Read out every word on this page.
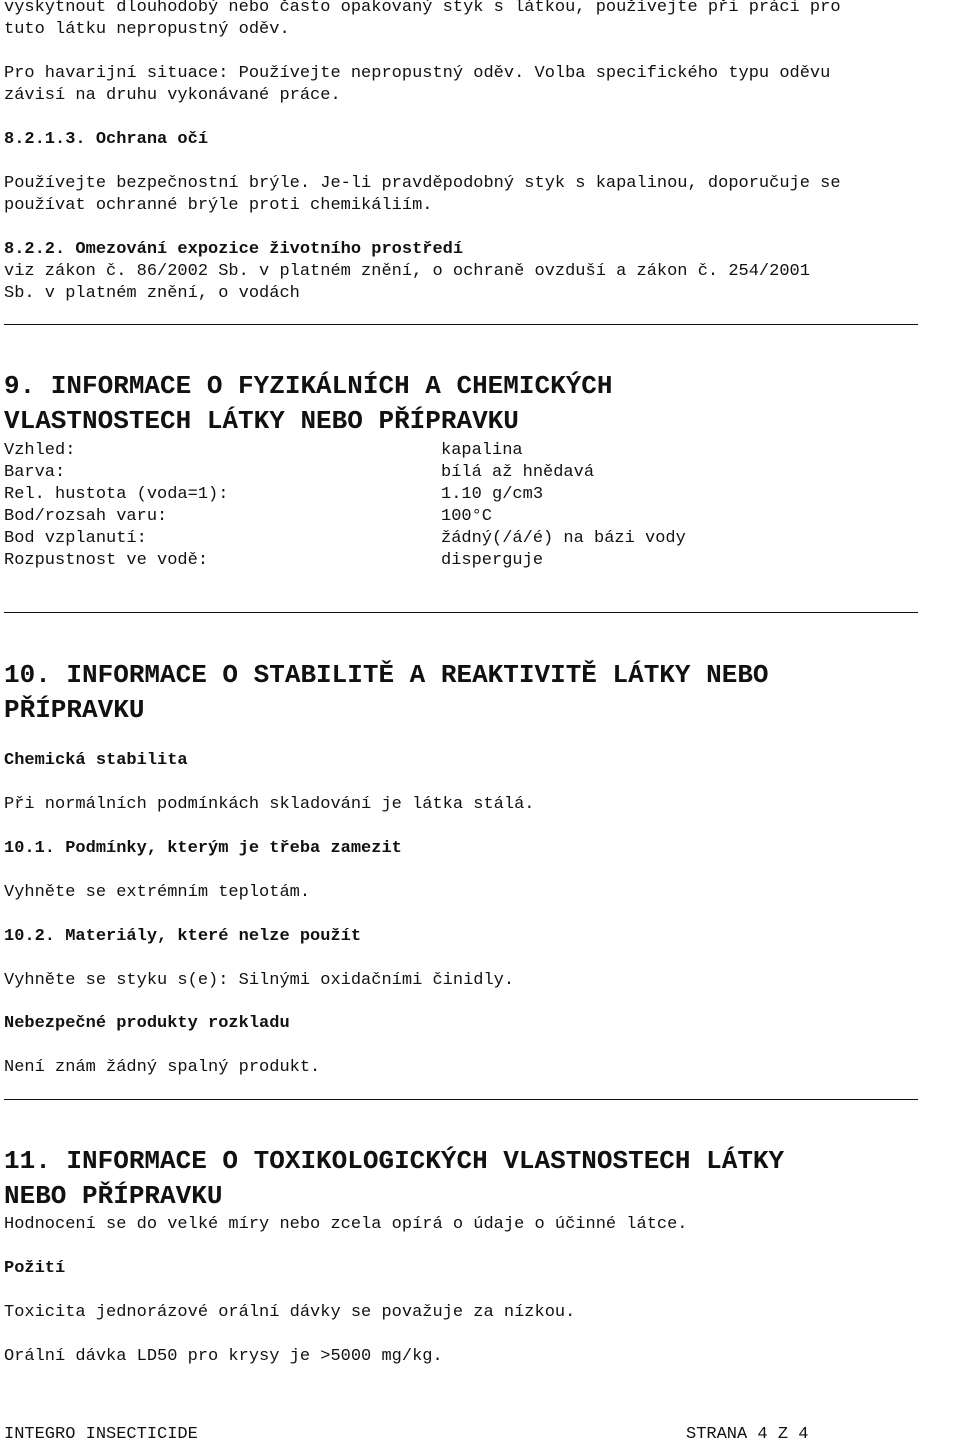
vyskytnout dlouhodobý nebo často opakovaný styk s látkou, používejte při práci pro
tuto látku nepropustný oděv.
Pro havarijní situace: Používejte nepropustný oděv. Volba specifického typu oděvu
závisí na druhu vykonávané práce.
8.2.1.3. Ochrana očí
Používejte bezpečnostní brýle. Je-li pravděpodobný styk s kapalinou, doporučuje se
používat ochranné brýle proti chemikáliím.
8.2.2. Omezování expozice životního prostředí
viz zákon č. 86/2002 Sb. v platném znění, o ochraně ovzduší a zákon č. 254/2001
Sb. v platném znění, o vodách
9. INFORMACE O FYZIKÁLNÍCH A CHEMICKÝCH
VLASTNOSTECH LÁTKY NEBO PŘÍPRAVKU
Vzhled:	kapalina
Barva:	bílá až hnědavá
Rel. hustota (voda=1):	1.10 g/cm3
Bod/rozsah varu:	100°C
Bod vzplanutí:	žádný(/á/é) na bázi vody
Rozpustnost ve vodě:	disperguje
10. INFORMACE O STABILITĚ A REAKTIVITĚ LÁTKY NEBO
PŘÍPRAVKU
Chemická stabilita
Při normálních podmínkách skladování je látka stálá.
10.1. Podmínky, kterým je třeba zamezit
Vyhněte se extrémním teplotám.
10.2. Materiály, které nelze použít
Vyhněte se styku s(e): Silnými oxidačními činidly.
Nebezpečné produkty rozkladu
Není znám žádný spalný produkt.
11. INFORMACE O TOXIKOLOGICKÝCH VLASTNOSTECH LÁTKY
NEBO PŘÍPRAVKU
Hodnocení se do velké míry nebo zcela opírá o údaje o účinné látce.
Požití
Toxicita jednorázové orální dávky se považuje za nízkou.
Orální dávka LD50 pro krysy je >5000 mg/kg.
INTEGRO INSECTICIDE	STRANA 4 Z 4
